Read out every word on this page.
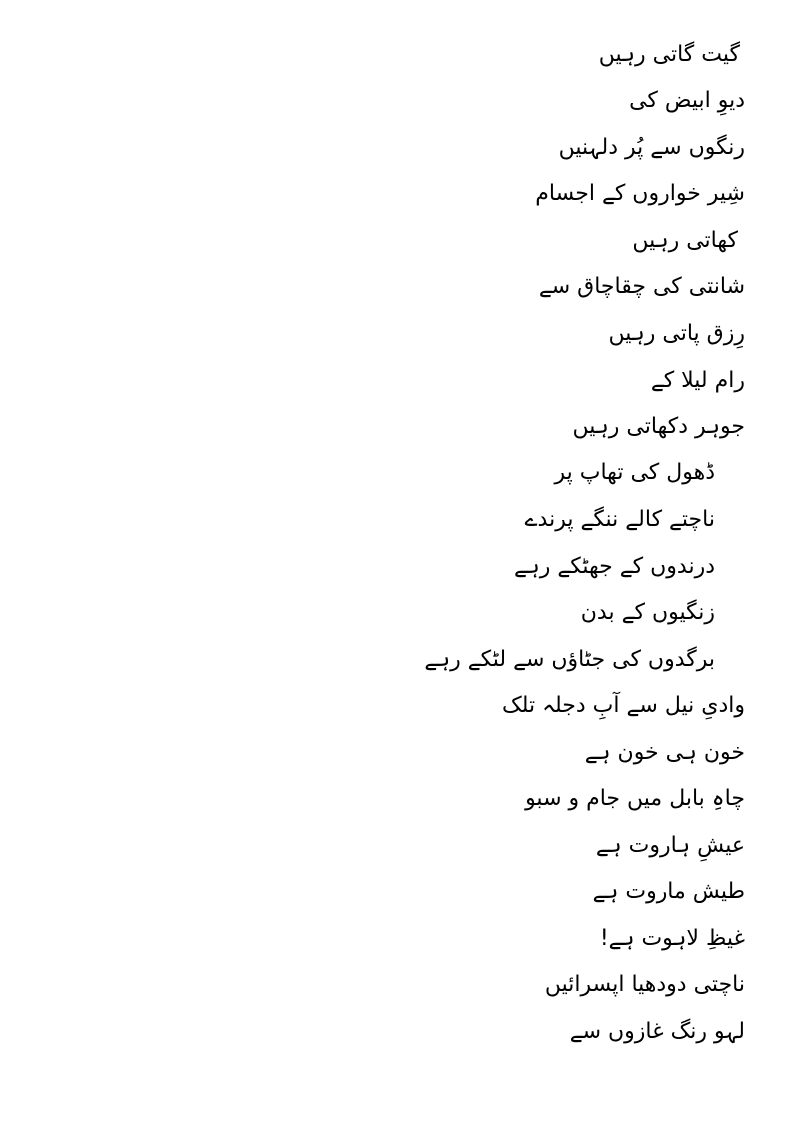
گیت گاتی رہیں
دیوِ ابیض کی
رنگوں سے پُر دلہنیں
شِیر خواروں کے اجسام
کھاتی رہیں
شانتی کی چقاچاق سے
رِزق پاتی رہیں
رام لیلا کے
جوہر دکھاتی رہیں
ڈھول کی تھاپ پر
ناچتے کالے ننگے پرندے
درندوں کے جھٹکے رہے
زنگیوں کے بدن
برگدوں کی جٹاؤں سے لٹکے رہے
وادیِ نیل سے آبِ دجلہ تلک
خون ہی خون ہے
چاہِ بابل میں جام و سبو
عیشِ ہاروت ہے
طیش ماروت ہے
غیظِ لاہوت ہے!
ناچتی دودھیا اپسرائیں
لہو رنگ غازوں سے
